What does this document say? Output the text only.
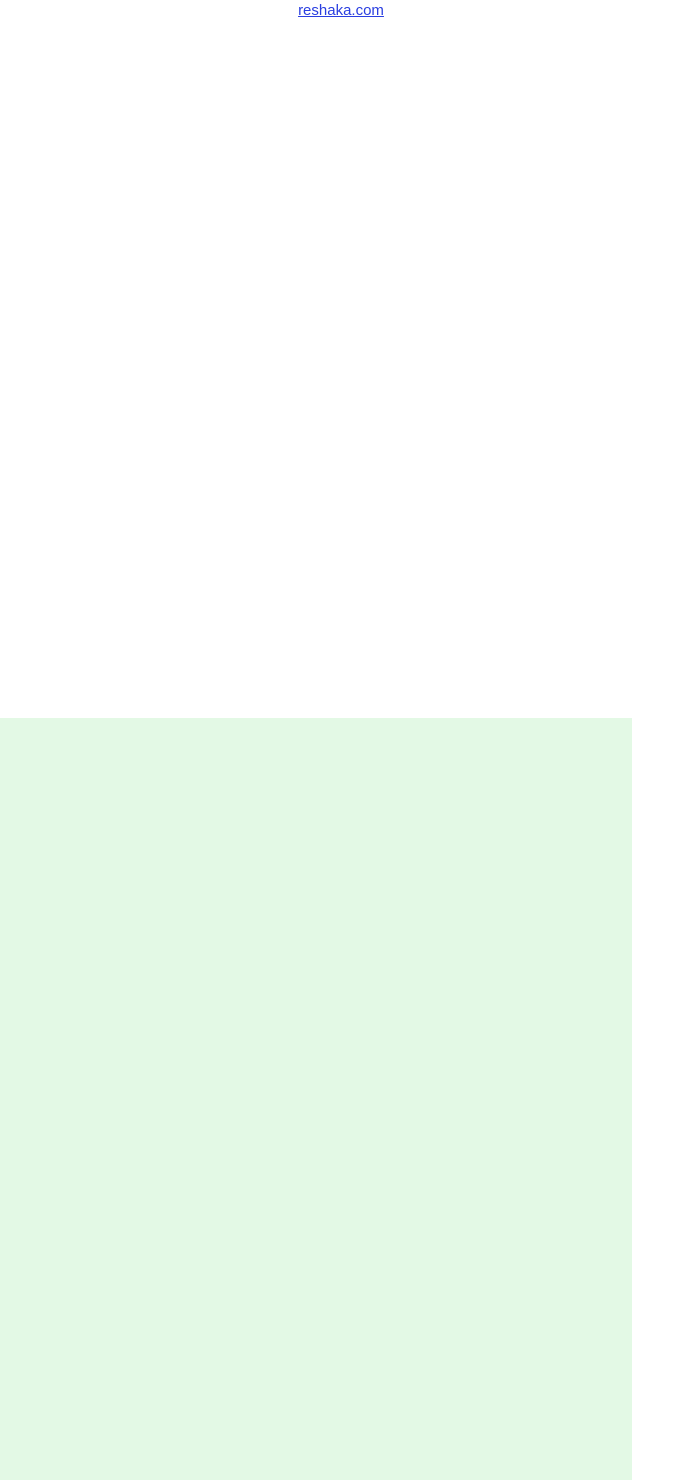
reshaka.com
